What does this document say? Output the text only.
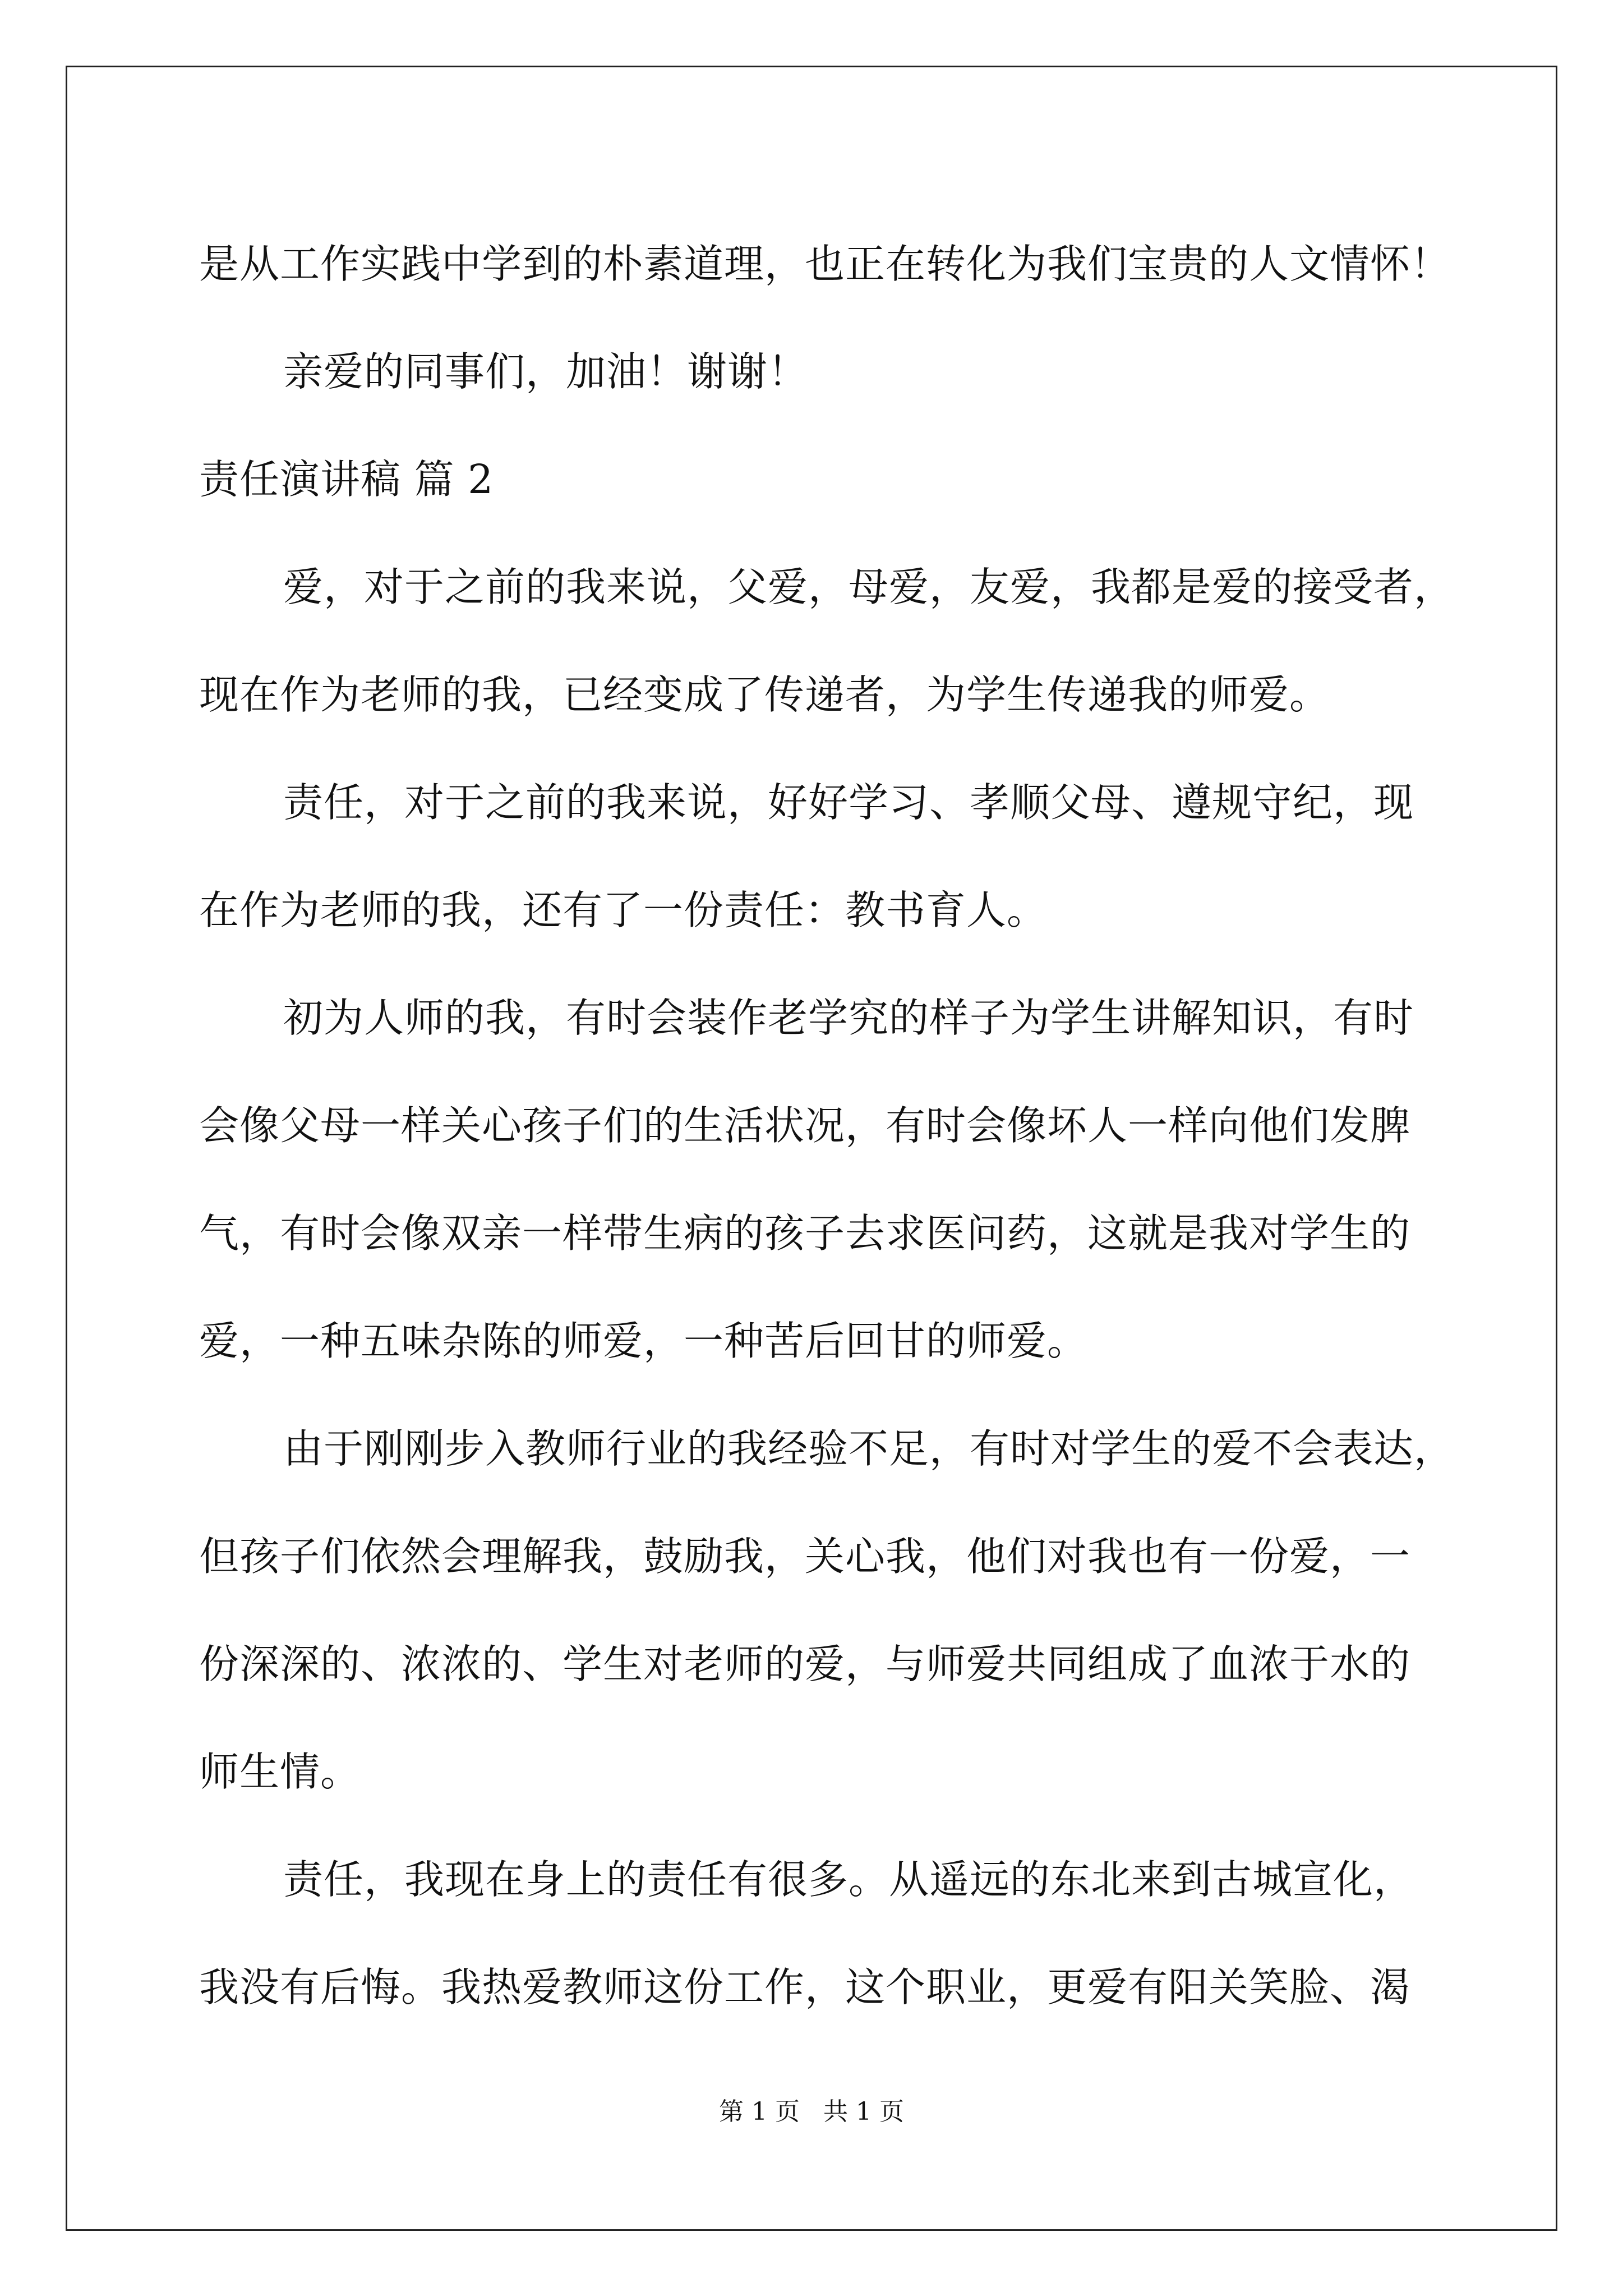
是从工作实践中学到的朴素道理，也正在转化为我们宝贵的人文情怀！
亲爱的同事们，加油！谢谢！
责任演讲稿 篇 2
爱，对于之前的我来说，父爱，母爱，友爱，我都是爱的接受者，
现在作为老师的我，已经变成了传递者，为学生传递我的师爱。
责任，对于之前的我来说，好好学习、孝顺父母、遵规守纪，现
在作为老师的我，还有了一份责任：教书育人。
初为人师的我，有时会装作老学究的样子为学生讲解知识，有时
会像父母一样关心孩子们的生活状况，有时会像坏人一样向他们发脾
气，有时会像双亲一样带生病的孩子去求医问药，这就是我对学生的
爱，一种五味杂陈的师爱，一种苦后回甘的师爱。
由于刚刚步入教师行业的我经验不足，有时对学生的爱不会表达，
但孩子们依然会理解我，鼓励我，关心我，他们对我也有一份爱，一
份深深的、浓浓的、学生对老师的爱，与师爱共同组成了血浓于水的
师生情。
责任，我现在身上的责任有很多。从遥远的东北来到古城宣化，
我没有后悔。我热爱教师这份工作，这个职业，更爱有阳关笑脸、渴
第 1 页   共 1 页
